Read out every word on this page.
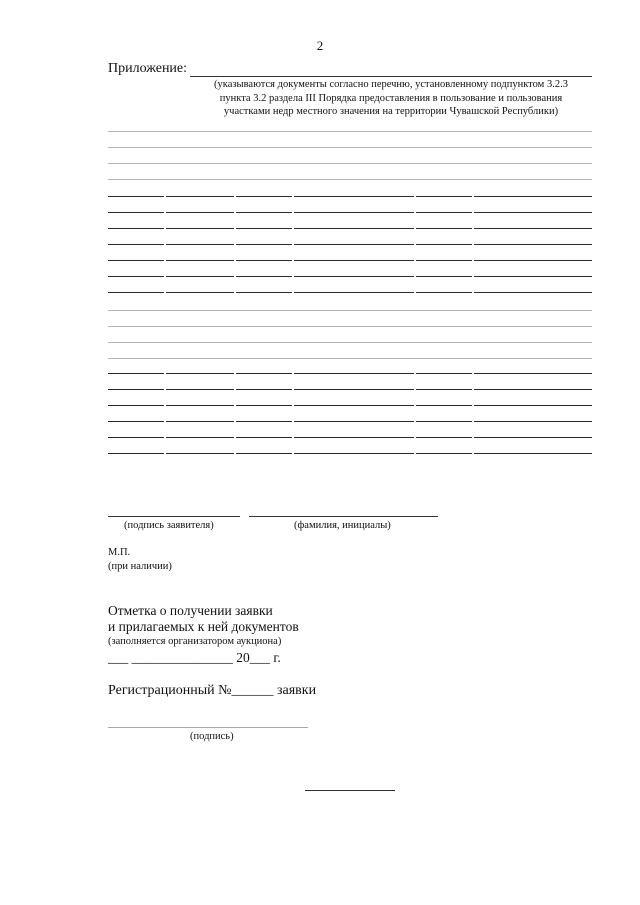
2
Приложение:
(указываются документы согласно перечню, установленному подпунктом 3.2.3
пункта 3.2 раздела III Порядка предоставления в пользование и пользования
участками недр местного значения на территории Чувашской Республики)
(подпись заявителя)	(фамилия, инициалы)
М.П.
(при наличии)
Отметка о получении заявки
и прилагаемых к ней документов
(заполняется организатором аукциона)
___ _______________ 20___ г.
Регистрационный №______ заявки
(подпись)
